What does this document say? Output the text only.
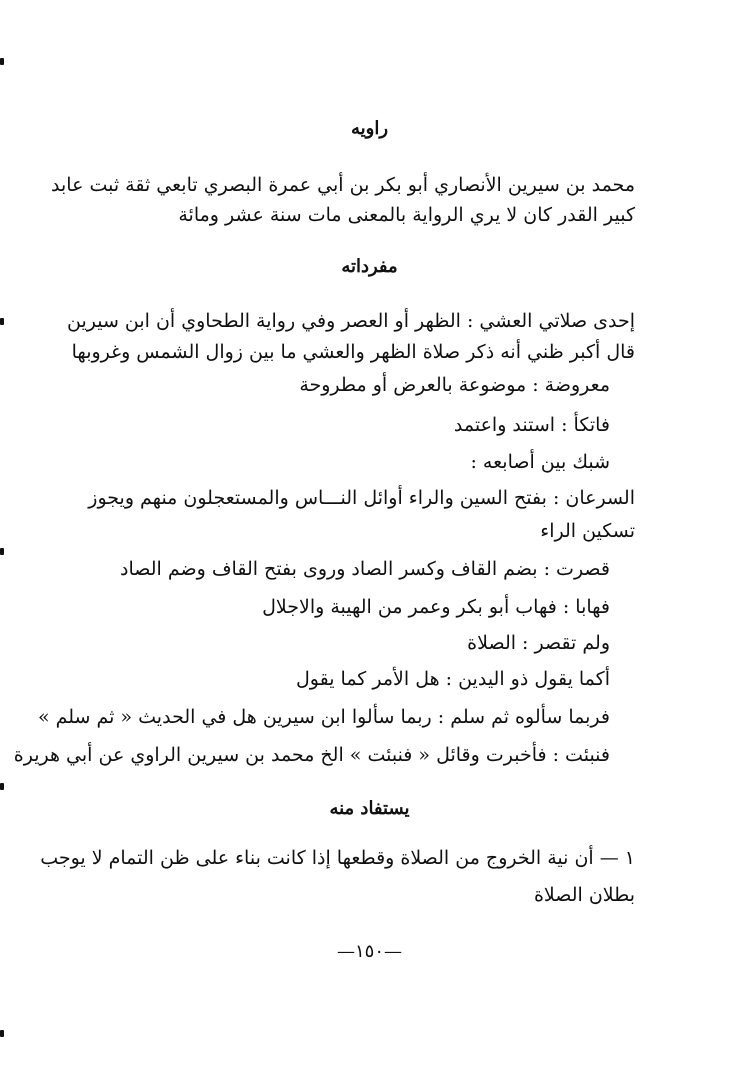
راويه
محمد بن سيرين الأنصاري أبو بكر بن أبي عمرة البصري تابعي ثقة ثبت عابد
كبير القدر كان لا يري الرواية بالمعنى مات سنة عشر ومائة
مفرداته
إحدى صلاتي العشي : الظهر أو العصر وفي رواية الطحاوي أن ابن سيرين
قال أكبر ظني أنه ذكر صلاة الظهر والعشي ما بين زوال الشمس وغروبها
معروضة : موضوعة بالعرض أو مطروحة
فاتكأ : استند واعتمد
شبك بين أصابعه :
السرعان : بفتح السين والراء أوائل النـــاس والمستعجلون منهم ويجوز
تسكين الراء
قصرت : بضم القاف وكسر الصاد وروى بفتح القاف وضم الصاد
فهابا : فهاب أبو بكر وعمر من الهيبة والاجلال
ولم تقصر : الصلاة
أكما يقول ذو اليدين : هل الأمر كما يقول
فربما سألوه ثم سلم : ربما سألوا ابن سيرين هل في الحديث « ثم سلم »
فنبئت : فأخبرت وقائل « فنبئت » الخ محمد بن سيرين الراوي عن أبي هريرة
يستفاد منه
١ — أن نية الخروج من الصلاة وقطعها إذا كانت بناء على ظن التمام لا يوجب
بطلان الصلاة
—١٥٠—
